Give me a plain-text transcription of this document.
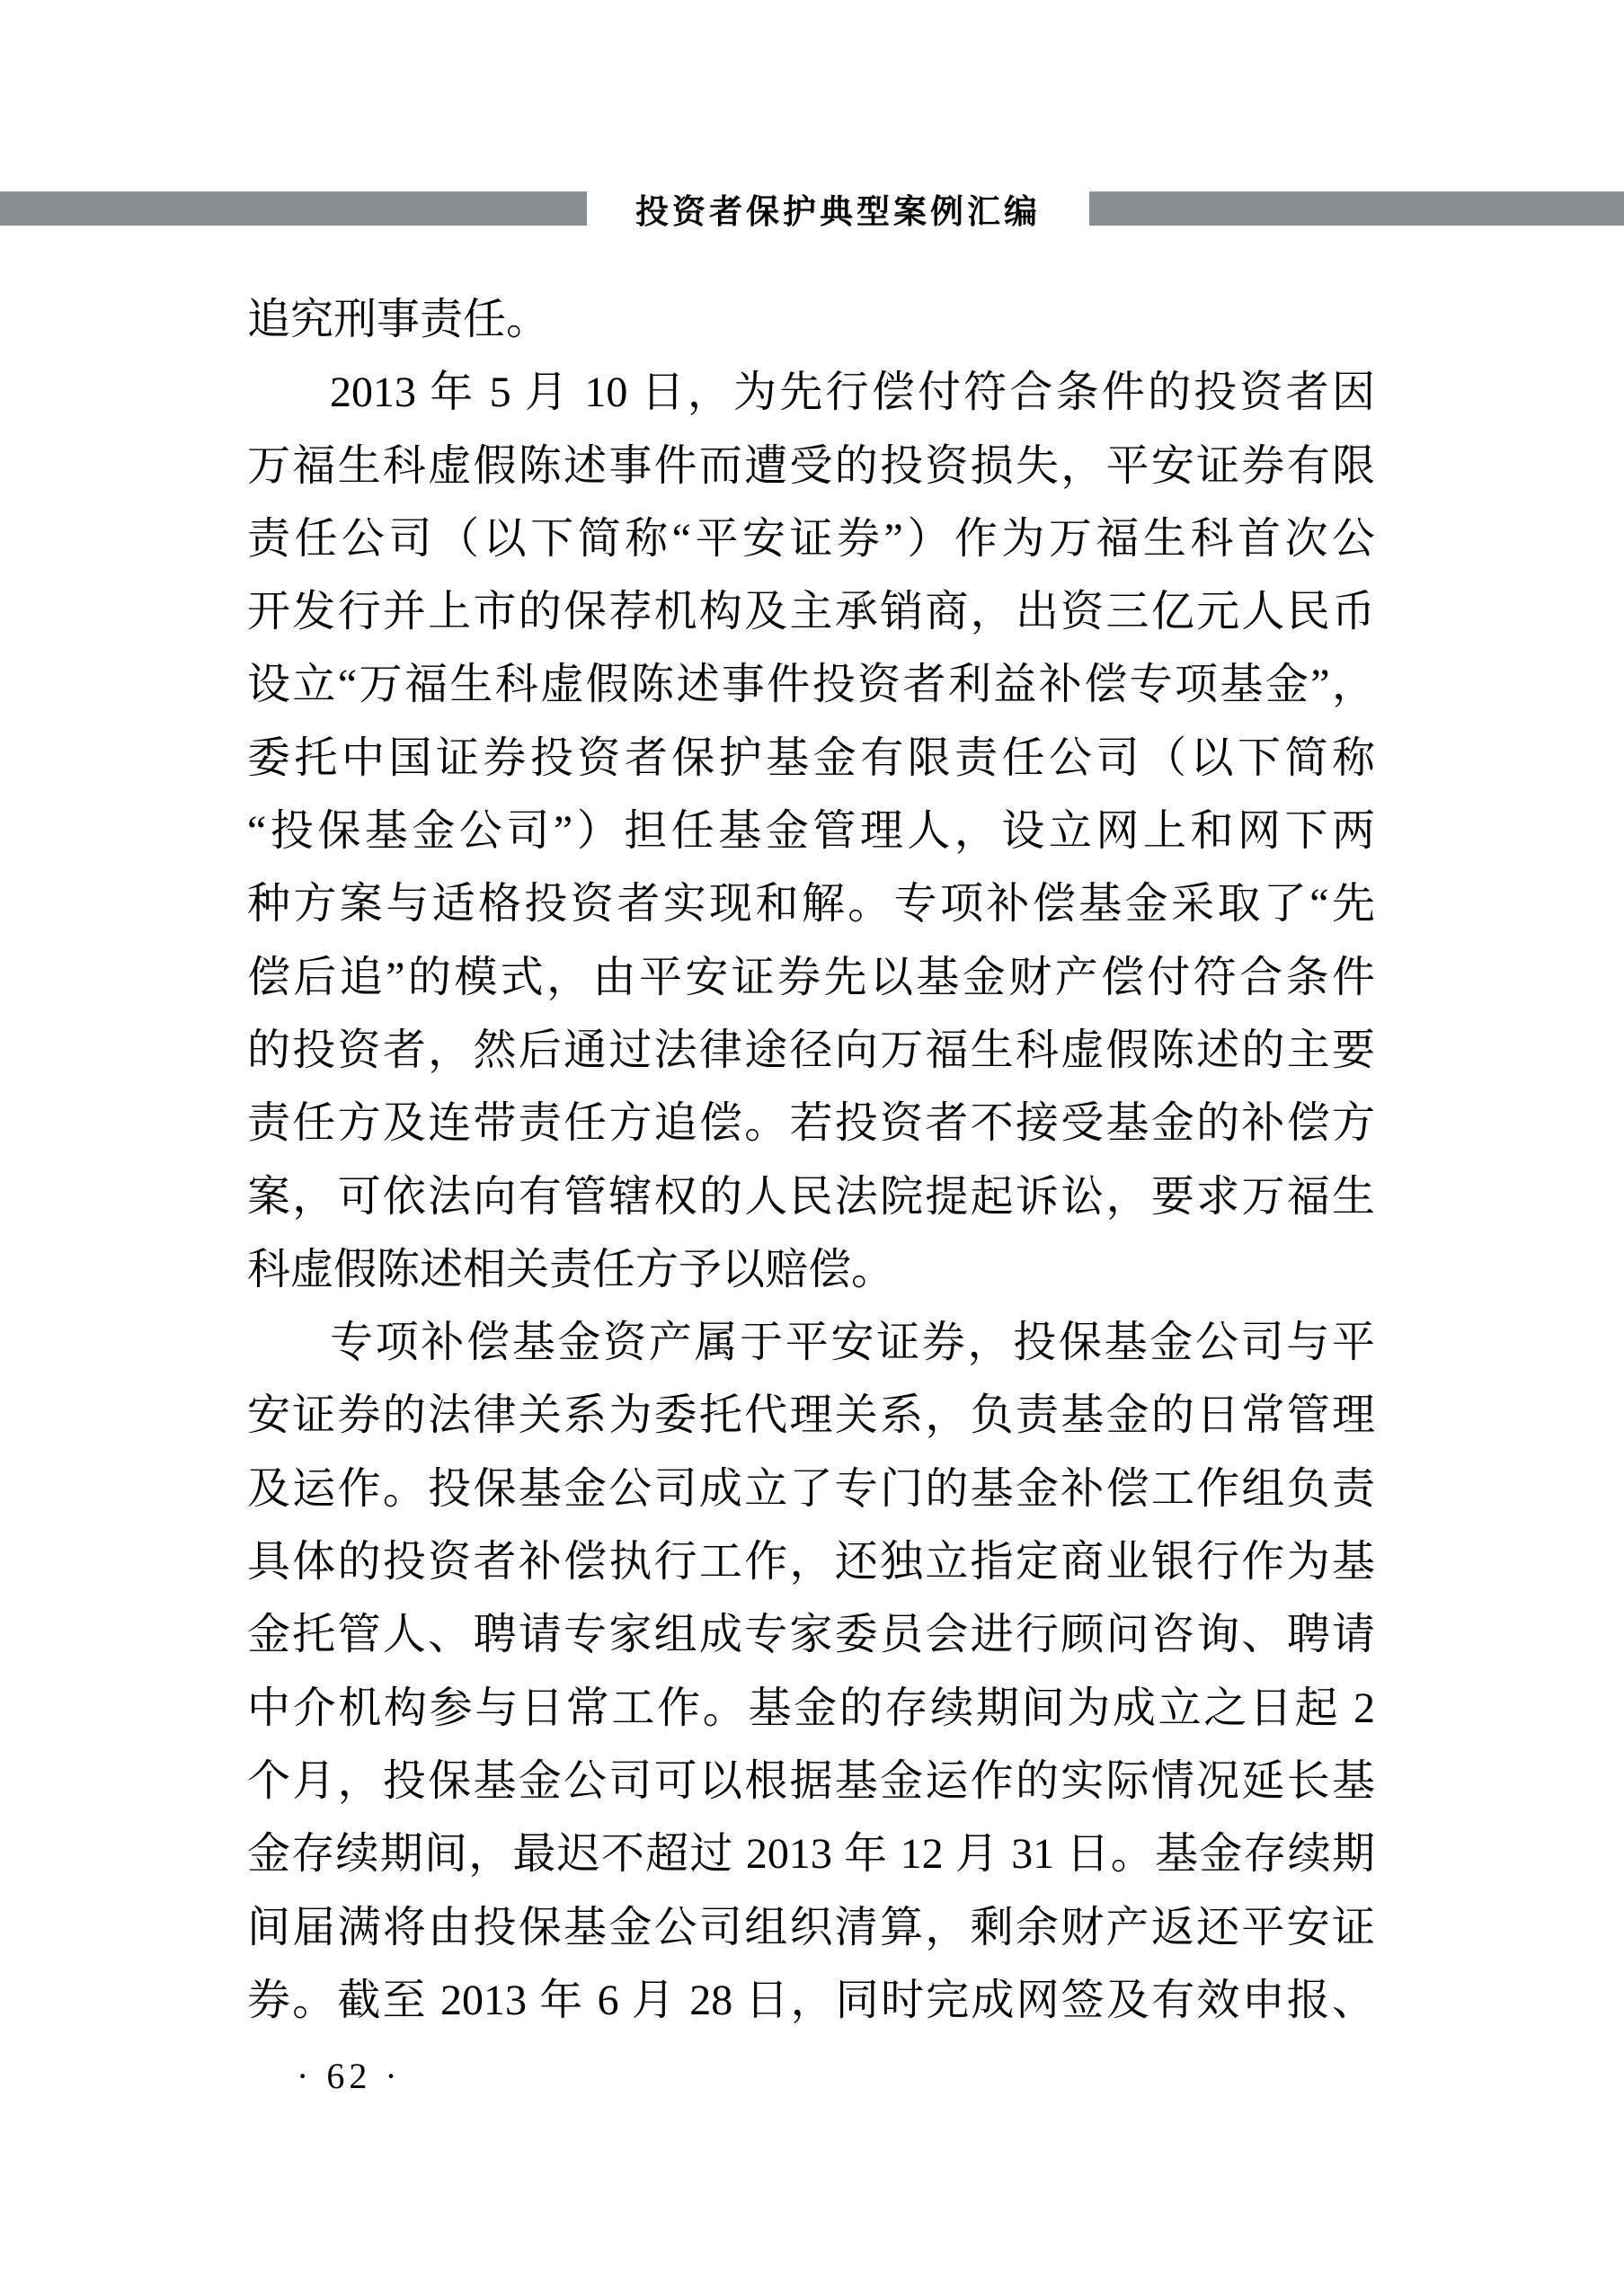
投资者保护典型案例汇编
追究刑事责任。
2013 年 5 月 10 日，为先行偿付符合条件的投资者因
万福生科虚假陈述事件而遭受的投资损失，平安证券有限
责任公司（以下简称“平安证券”）作为万福生科首次公
开发行并上市的保荐机构及主承销商，出资三亿元人民币
设立“万福生科虚假陈述事件投资者利益补偿专项基金”，
委托中国证券投资者保护基金有限责任公司（以下简称
“投保基金公司”）担任基金管理人，设立网上和网下两
种方案与适格投资者实现和解。专项补偿基金采取了“先
偿后追”的模式，由平安证券先以基金财产偿付符合条件
的投资者，然后通过法律途径向万福生科虚假陈述的主要
责任方及连带责任方追偿。若投资者不接受基金的补偿方
案，可依法向有管辖权的人民法院提起诉讼，要求万福生
科虚假陈述相关责任方予以赔偿。
专项补偿基金资产属于平安证券，投保基金公司与平
安证券的法律关系为委托代理关系，负责基金的日常管理
及运作。投保基金公司成立了专门的基金补偿工作组负责
具体的投资者补偿执行工作，还独立指定商业银行作为基
金托管人、聘请专家组成专家委员会进行顾问咨询、聘请
中介机构参与日常工作。基金的存续期间为成立之日起 2
个月，投保基金公司可以根据基金运作的实际情况延长基
金存续期间，最迟不超过 2013 年 12 月 31 日。基金存续期
间届满将由投保基金公司组织清算，剩余财产返还平安证
券。截至 2013 年 6 月 28 日，同时完成网签及有效申报、
· 62 ·
